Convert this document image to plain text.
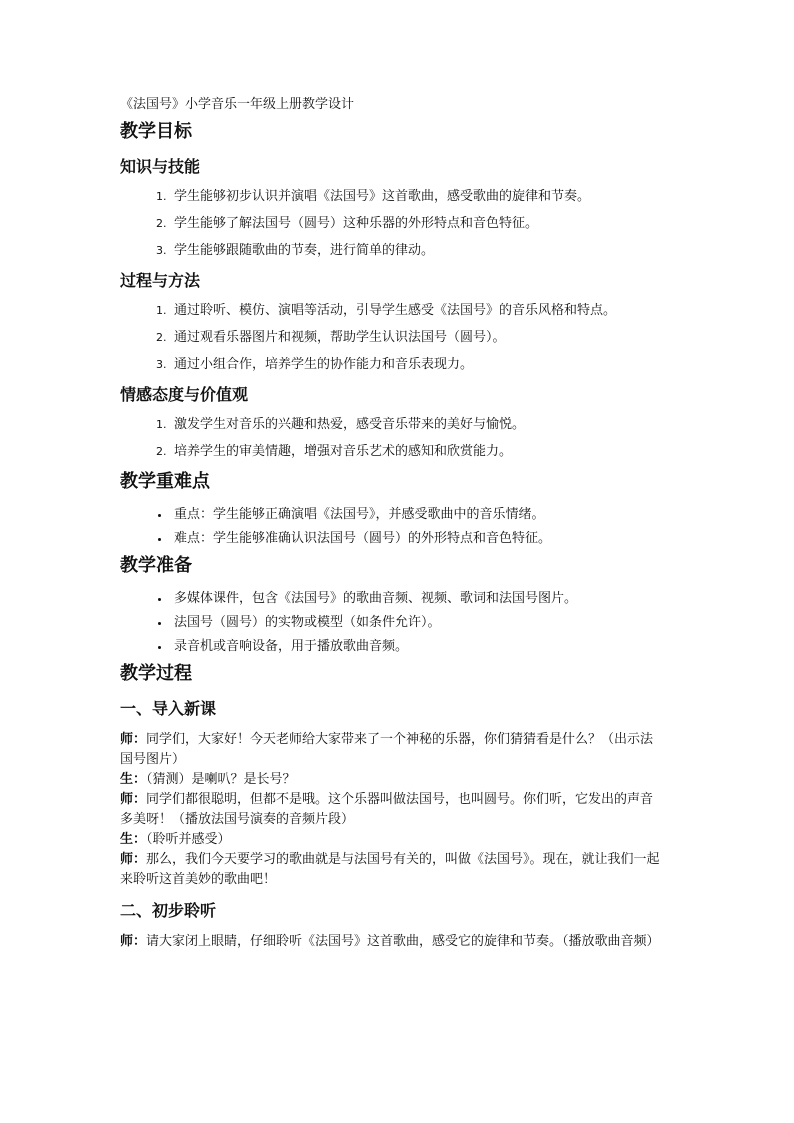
《法国号》小学音乐一年级上册教学设计

教学目标
知识与技能
1. 学生能够初步认识并演唱《法国号》这首歌曲，感受歌曲的旋律和节奏。
2. 学生能够了解法国号（圆号）这种乐器的外形特点和音色特征。
3. 学生能够跟随歌曲的节奏，进行简单的律动。
过程与方法
1. 通过聆听、模仿、演唱等活动，引导学生感受《法国号》的音乐风格和特点。
2. 通过观看乐器图片和视频，帮助学生认识法国号（圆号）。
3. 通过小组合作，培养学生的协作能力和音乐表现力。
情感态度与价值观
1. 激发学生对音乐的兴趣和热爱，感受音乐带来的美好与愉悦。
2. 培养学生的审美情趣，增强对音乐艺术的感知和欣赏能力。
教学重难点
• 重点：学生能够正确演唱《法国号》，并感受歌曲中的音乐情绪。
• 难点：学生能够准确认识法国号（圆号）的外形特点和音色特征。
教学准备
• 多媒体课件，包含《法国号》的歌曲音频、视频、歌词和法国号图片。
• 法国号（圆号）的实物或模型（如条件允许）。
• 录音机或音响设备，用于播放歌曲音频。
教学过程
一、导入新课

师：同学们，大家好！今天老师给大家带来了一个神秘的乐器，你们猜猜看是什么？（出示法国号图片）

生：（猜测）是喇叭？是长号？

师：同学们都很聪明，但都不是哦。这个乐器叫做法国号，也叫圆号。你们听，它发出的声音多美呀！（播放法国号演奏的音频片段）

生：（聆听并感受）

师：那么，我们今天要学习的歌曲就是与法国号有关的，叫做《法国号》。现在，就让我们一起来聆听这首美妙的歌曲吧！

二、初步聆听

师：请大家闭上眼睛，仔细聆听《法国号》这首歌曲，感受它的旋律和节奏。（播放歌曲音频）
